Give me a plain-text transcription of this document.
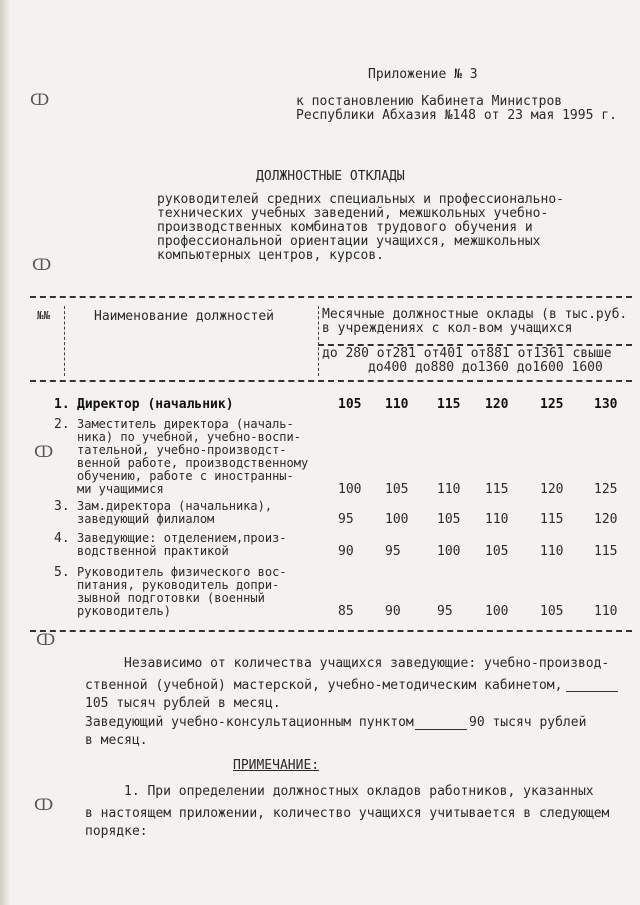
ↀ
ↀ
ↀ
ↀ
ↀ
Приложение № 3
к постановлению Кабинета Министров
Республики Абхазия №148 от 23 мая 1995 г.
ДОЛЖНОСТНЫЕ ОТКЛАДЫ
руководителей средних специальных и профессионально-
технических учебных заведений, межшкольных учебно-
производственных комбинатов трудового обучения и
профессиональной ориентации учащихся, межшкольных
компьютерных центров, курсов.
№№	Наименование должностей	Месячные должностные оклады (в тыс.руб.
в учреждениях с кол-вом учащихся
до 280 от281 от401 от881 от1361 свыше
до400 до880 до1360 до1600 1600
1. Директор (начальник)	105 110 115 120 125 130
2. Заместитель директора (началь-
ника) по учебной, учебно-воспи-
тательной, учебно-производст-
венной работе, производственному
обучению, работе с иностранны-
ми учащимися	100 105 110 115 120 125
3. Зам.директора (начальника),
заведующий филиалом	95 100 105 110 115 120
4. Заведующие: отделением,произ-
водственной практикой	90 95	100 105 110 115
5. Руководитель физического вос-
питания, руководитель допри-
зывной подготовки (военный
руководитель)	85 90	95 100 105 110
Независимо от количества учащихся заведующие: учебно-производ-
ственной (учебной) мастерской, учебно-методическим кабинетом,
105 тысяч рублей в месяц.
Заведующий учебно-консультационным пунктом	90 тысяч рублей
в месяц.
ПРИМЕЧАНИЕ:
1. При определении должностных окладов работников, указанных
в настоящем приложении, количество учащихся учитывается в следующем
порядке:
